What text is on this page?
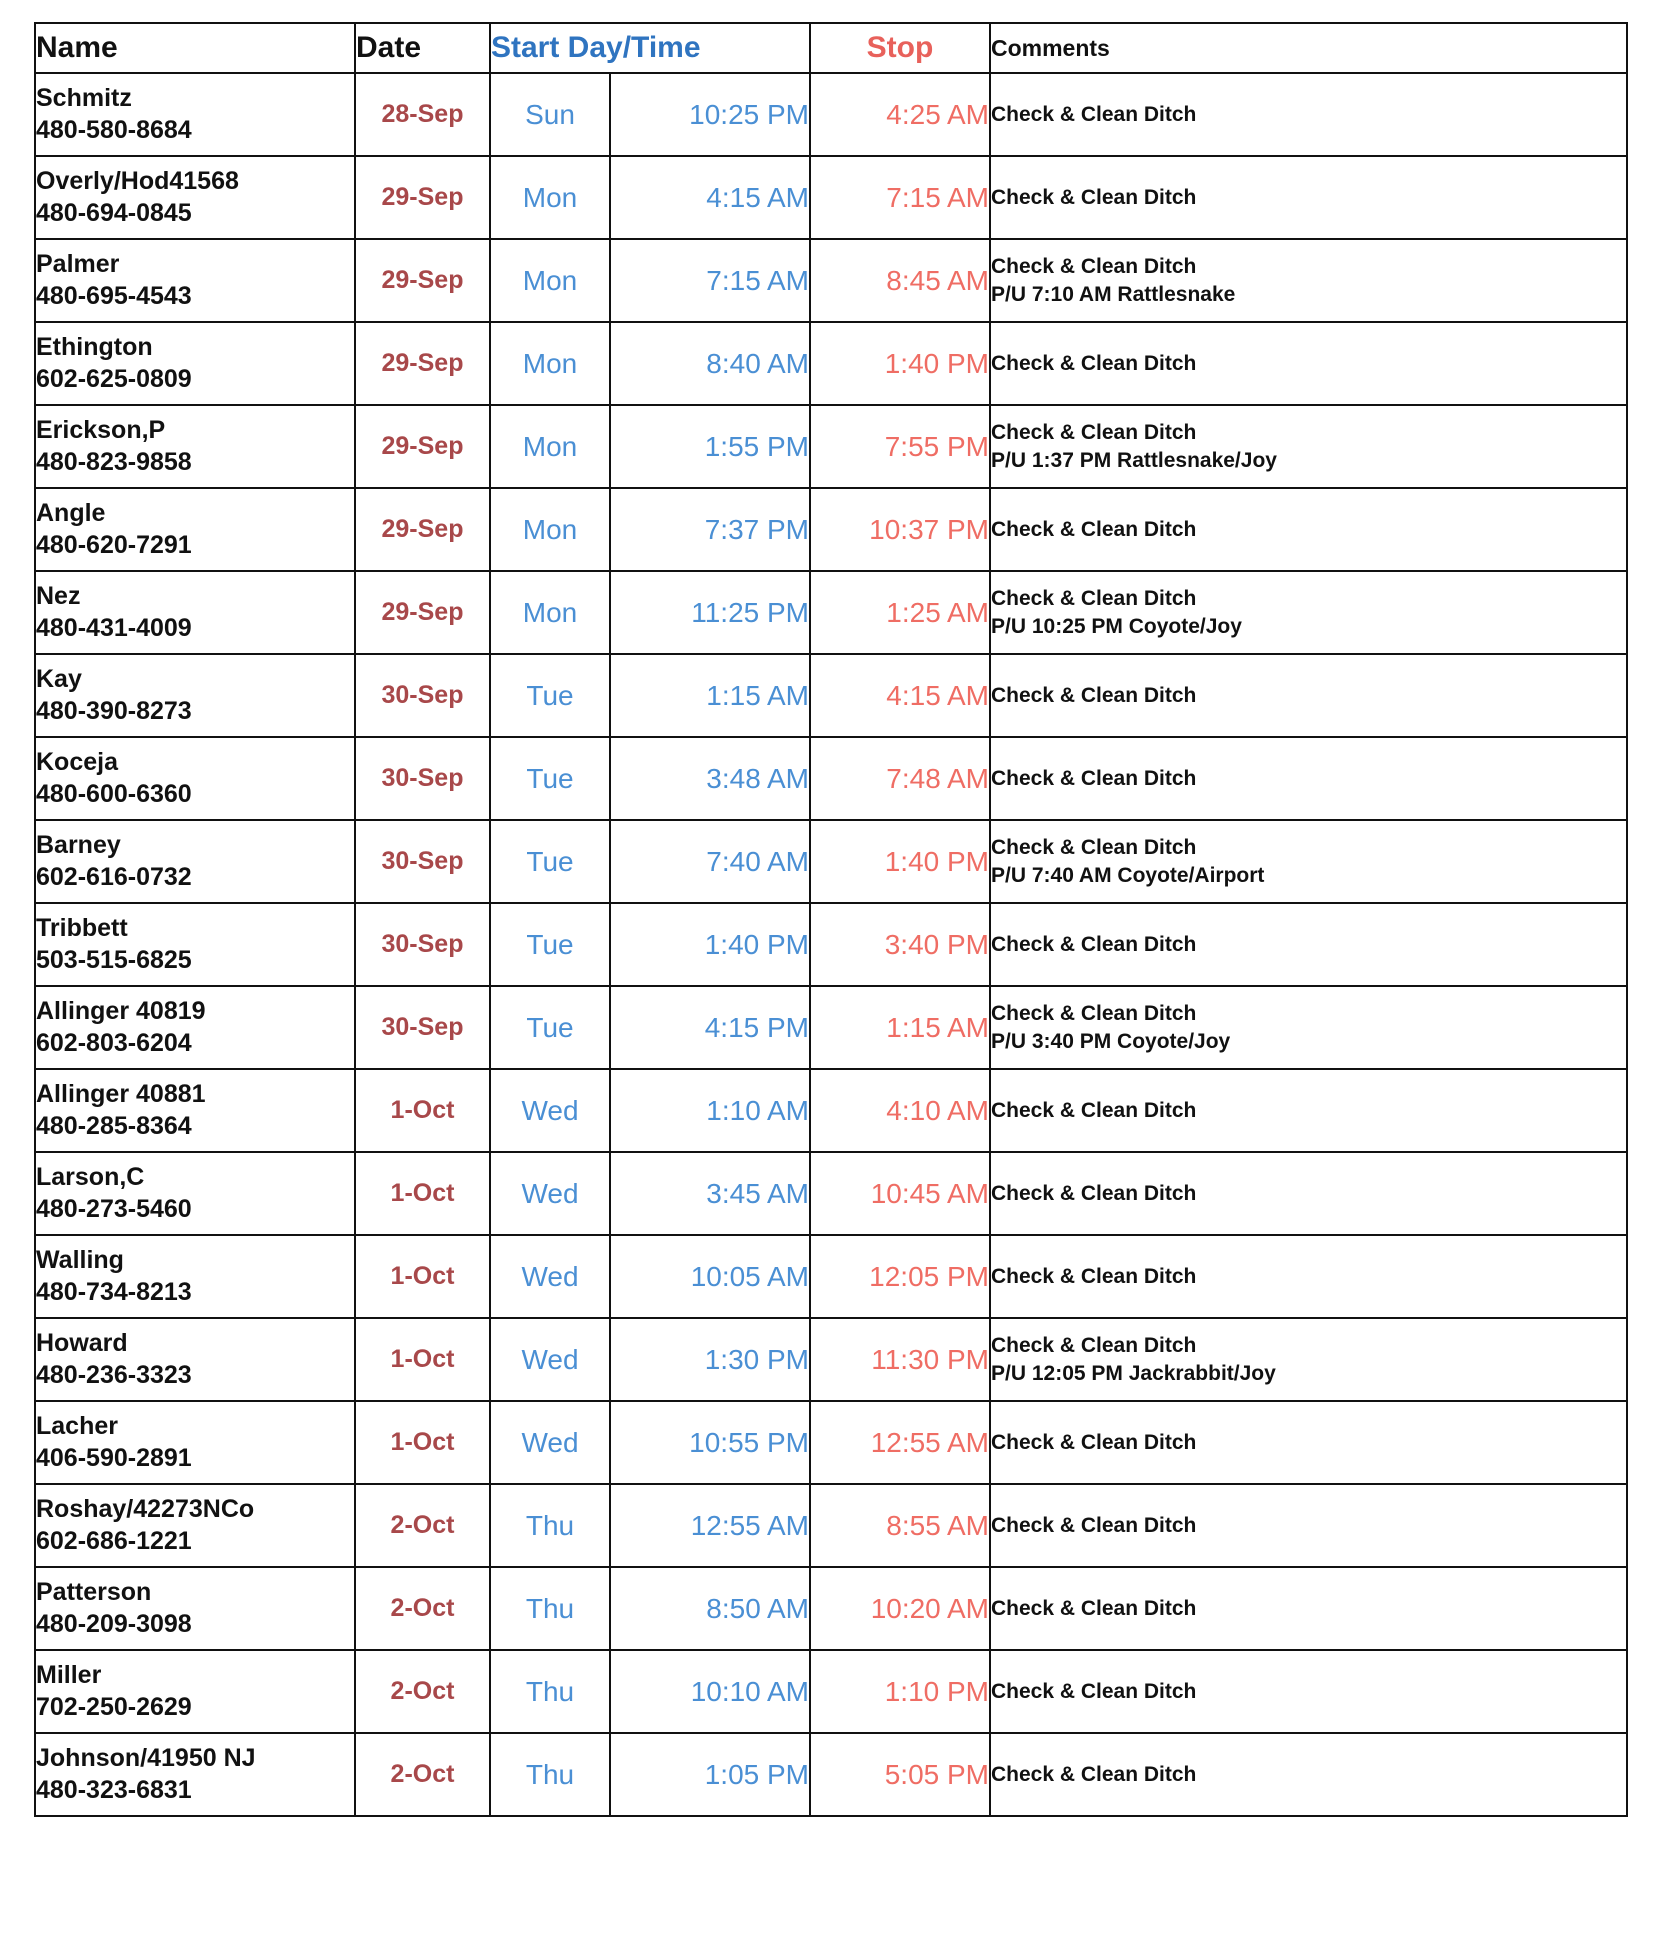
Name	Date	Start Day/Time		Stop	Comments

Schmitz
480-580-8684	28-Sep	Sun	10:25 PM	4:25 AM	Check & Clean Ditch

Overly/Hod41568
480-694-0845	29-Sep	Mon	4:15 AM	7:15 AM	Check & Clean Ditch

Palmer
480-695-4543	29-Sep	Mon	7:15 AM	8:45 AM	Check & Clean Ditch
P/U 7:10 AM Rattlesnake

Ethington
602-625-0809	29-Sep	Mon	8:40 AM	1:40 PM	Check & Clean Ditch

Erickson,P
480-823-9858	29-Sep	Mon	1:55 PM	7:55 PM	Check & Clean Ditch
P/U 1:37 PM Rattlesnake/Joy

Angle
480-620-7291	29-Sep	Mon	7:37 PM	10:37 PM	Check & Clean Ditch

Nez
480-431-4009	29-Sep	Mon	11:25 PM	1:25 AM	Check & Clean Ditch
P/U 10:25 PM Coyote/Joy

Kay
480-390-8273	30-Sep	Tue	1:15 AM	4:15 AM	Check & Clean Ditch

Koceja
480-600-6360	30-Sep	Tue	3:48 AM	7:48 AM	Check & Clean Ditch

Barney
602-616-0732	30-Sep	Tue	7:40 AM	1:40 PM	Check & Clean Ditch
P/U 7:40 AM Coyote/Airport

Tribbett
503-515-6825	30-Sep	Tue	1:40 PM	3:40 PM	Check & Clean Ditch

Allinger 40819
602-803-6204	30-Sep	Tue	4:15 PM	1:15 AM	Check & Clean Ditch
P/U 3:40 PM Coyote/Joy

Allinger 40881
480-285-8364	1-Oct	Wed	1:10 AM	4:10 AM	Check & Clean Ditch

Larson,C
480-273-5460	1-Oct	Wed	3:45 AM	10:45 AM	Check & Clean Ditch

Walling
480-734-8213	1-Oct	Wed	10:05 AM	12:05 PM	Check & Clean Ditch

Howard
480-236-3323	1-Oct	Wed	1:30 PM	11:30 PM	Check & Clean Ditch
P/U 12:05 PM Jackrabbit/Joy

Lacher
406-590-2891	1-Oct	Wed	10:55 PM	12:55 AM	Check & Clean Ditch

Roshay/42273NCo
602-686-1221	2-Oct	Thu	12:55 AM	8:55 AM	Check & Clean Ditch

Patterson
480-209-3098	2-Oct	Thu	8:50 AM	10:20 AM	Check & Clean Ditch

Miller
702-250-2629	2-Oct	Thu	10:10 AM	1:10 PM	Check & Clean Ditch

Johnson/41950 NJ
480-323-6831	2-Oct	Thu	1:05 PM	5:05 PM	Check & Clean Ditch
